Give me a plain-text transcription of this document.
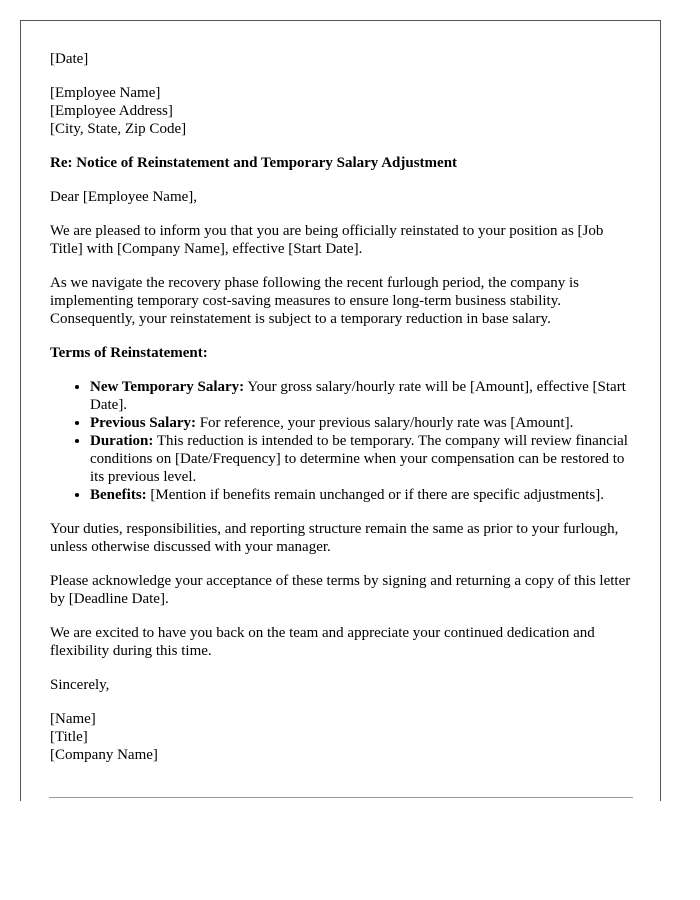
[Date]

[Employee Name]
[Employee Address]
[City, State, Zip Code]

Re: Notice of Reinstatement and Temporary Salary Adjustment

Dear [Employee Name],

We are pleased to inform you that you are being officially reinstated to your position as [Job Title] with [Company Name], effective [Start Date].

As we navigate the recovery phase following the recent furlough period, the company is implementing temporary cost-saving measures to ensure long-term business stability. Consequently, your reinstatement is subject to a temporary reduction in base salary.

Terms of Reinstatement:

• New Temporary Salary: Your gross salary/hourly rate will be [Amount], effective [Start Date].
• Previous Salary: For reference, your previous salary/hourly rate was [Amount].
• Duration: This reduction is intended to be temporary. The company will review financial conditions on [Date/Frequency] to determine when your compensation can be restored to its previous level.
• Benefits: [Mention if benefits remain unchanged or if there are specific adjustments].

Your duties, responsibilities, and reporting structure remain the same as prior to your furlough, unless otherwise discussed with your manager.

Please acknowledge your acceptance of these terms by signing and returning a copy of this letter by [Deadline Date].

We are excited to have you back on the team and appreciate your continued dedication and flexibility during this time.

Sincerely,

[Name]
[Title]
[Company Name]
